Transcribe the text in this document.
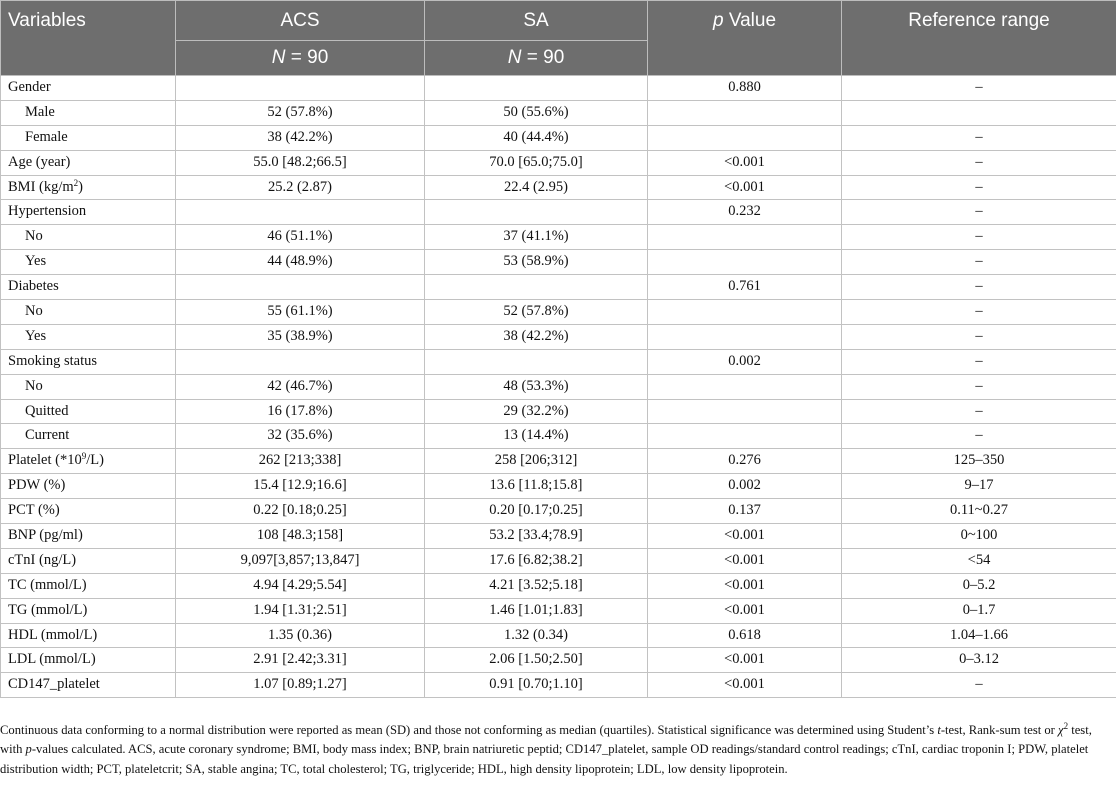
Variables	ACS	SA	p Value	Reference range
	N = 90	N = 90		
Gender			0.880	–
Male	52 (57.8%)	50 (55.6%)		
Female	38 (42.2%)	40 (44.4%)		–
Age (year)	55.0 [48.2;66.5]	70.0 [65.0;75.0]	<0.001	–
BMI $(kg/m^2)$	25.2 (2.87)	22.4 (2.95)	<0.001	–
Hypertension			0.232	–
No	46 (51.1%)	37 (41.1%)		–
Yes	44 (48.9%)	53 (58.9%)		–
Diabetes			0.761	–
No	55 (61.1%)	52 (57.8%)		–
Yes	35 (38.9%)	38 (42.2%)		–
Smoking status			0.002	–
No	42 (46.7%)	48 (53.3%)		–
Quitted	16 (17.8%)	29 (32.2%)		–
Current	32 (35.6%)	13 (14.4%)		–
Platelet $(*10^9/L)$	262 [213;338]	258 [206;312]	0.276	125–350
PDW (%)	15.4 [12.9;16.6]	13.6 [11.8;15.8]	0.002	9–17
PCT (%)	0.22 [0.18;0.25]	0.20 [0.17;0.25]	0.137	0.11~0.27
BNP (pg/ml)	108 [48.3;158]	53.2 [33.4;78.9]	<0.001	0~100
cTnI (ng/L)	9,097[3,857;13,847]	17.6 [6.82;38.2]	<0.001	<54
TC (mmol/L)	4.94 [4.29;5.54]	4.21 [3.52;5.18]	<0.001	0–5.2
TG (mmol/L)	1.94 [1.31;2.51]	1.46 [1.01;1.83]	<0.001	0–1.7
HDL (mmol/L)	1.35 (0.36)	1.32 (0.34)	0.618	1.04–1.66
LDL (mmol/L)	2.91 [2.42;3.31]	2.06 [1.50;2.50]	<0.001	0–3.12
CD147_platelet	1.07 [0.89;1.27]	0.91 [0.70;1.10]	<0.001	–

Continuous data conforming to a normal distribution were reported as mean (SD) and those not conforming as median (quartiles). Statistical significance was determined using Student’s t-test, Rank-sum test or $\chi^2$ test, with p-values calculated. ACS, acute coronary syndrome; BMI, body mass index; BNP, brain natriuretic peptid; CD147_platelet, sample OD readings/standard control readings; cTnI, cardiac troponin I; PDW, platelet distribution width; PCT, plateletcrit; SA, stable angina; TC, total cholesterol; TG, triglyceride; HDL, high density lipoprotein; LDL, low density lipoprotein.
